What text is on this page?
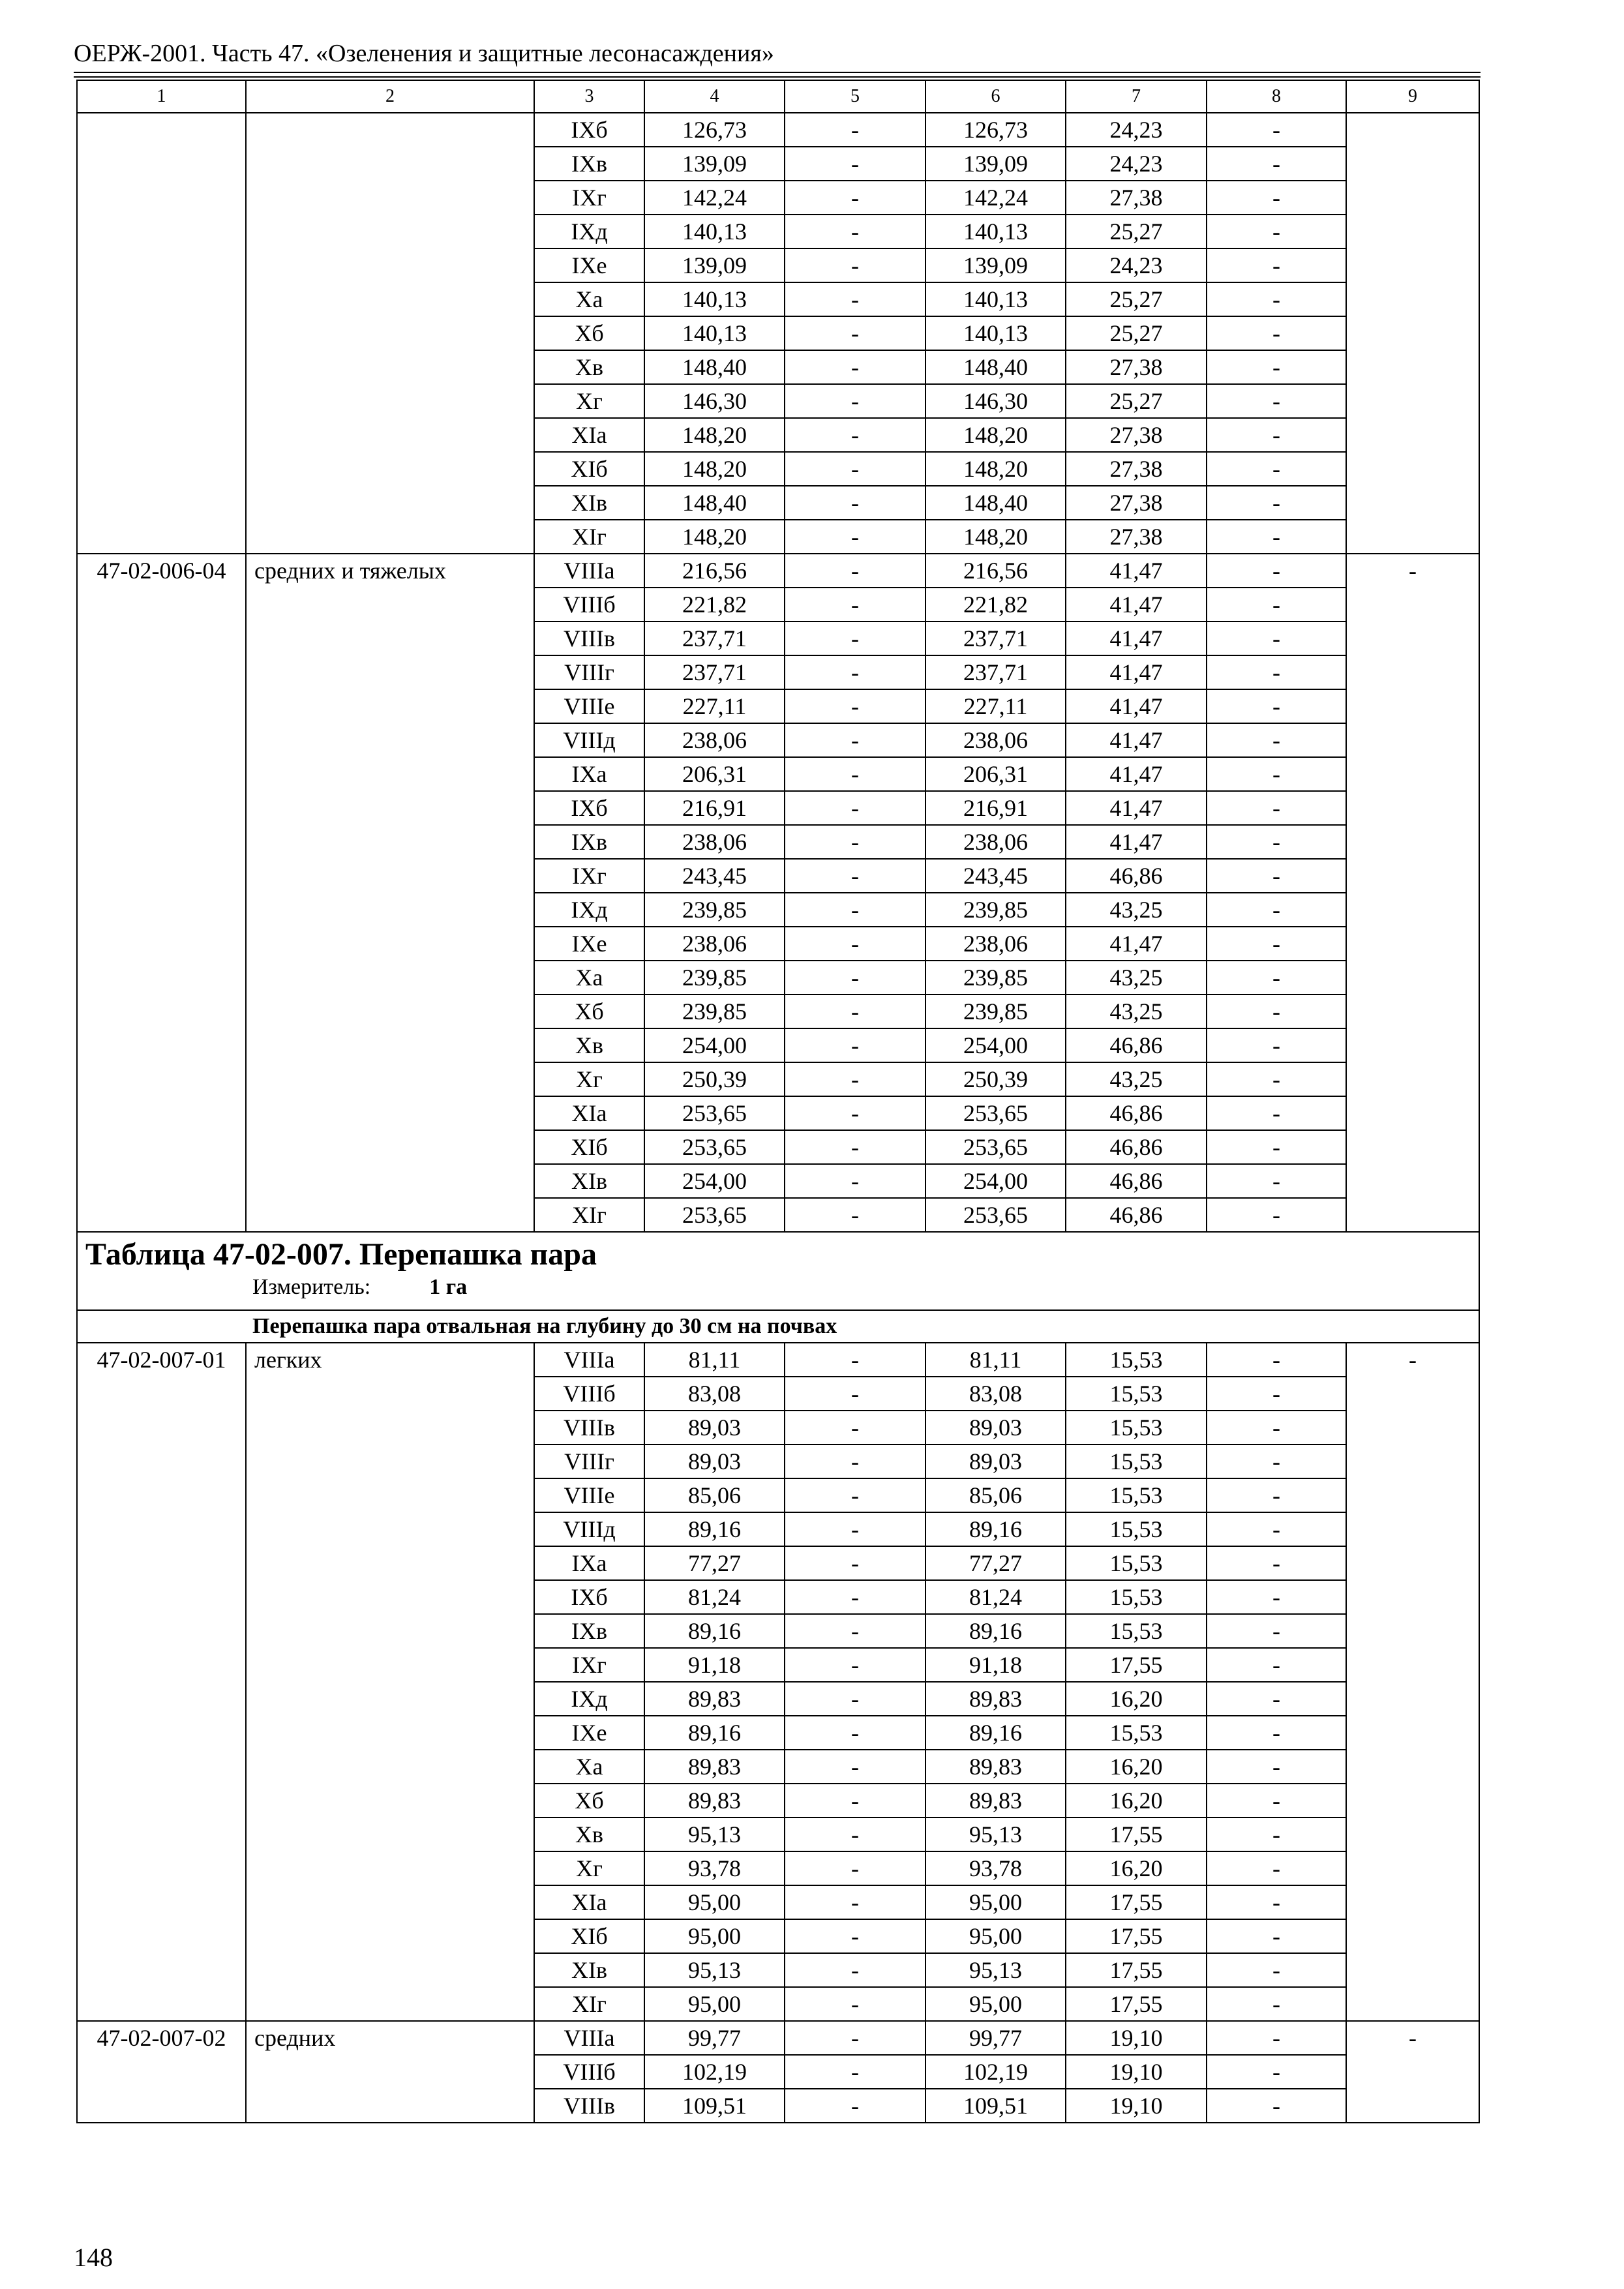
ОЕРЖ-2001. Часть 47. «Озеленения и защитные лесонасаждения»
1	2	3	4	5	6	7	8	9
		IXб	126,73	-	126,73	24,23	-	
		IXв	139,09	-	139,09	24,23	-	
		IXг	142,24	-	142,24	27,38	-	
		IXд	140,13	-	140,13	25,27	-	
		IXе	139,09	-	139,09	24,23	-	
		Xа	140,13	-	140,13	25,27	-	
		Xб	140,13	-	140,13	25,27	-	
		Xв	148,40	-	148,40	27,38	-	
		Xг	146,30	-	146,30	25,27	-	
		XIа	148,20	-	148,20	27,38	-	
		XIб	148,20	-	148,20	27,38	-	
		XIв	148,40	-	148,40	27,38	-	
		XIг	148,20	-	148,20	27,38	-	
47-02-006-04	средних и тяжелых	VIIIа	216,56	-	216,56	41,47	-	-
		VIIIб	221,82	-	221,82	41,47	-	
		VIIIв	237,71	-	237,71	41,47	-	
		VIIIг	237,71	-	237,71	41,47	-	
		VIIIе	227,11	-	227,11	41,47	-	
		VIIIд	238,06	-	238,06	41,47	-	
		IXа	206,31	-	206,31	41,47	-	
		IXб	216,91	-	216,91	41,47	-	
		IXв	238,06	-	238,06	41,47	-	
		IXг	243,45	-	243,45	46,86	-	
		IXд	239,85	-	239,85	43,25	-	
		IXе	238,06	-	238,06	41,47	-	
		Xа	239,85	-	239,85	43,25	-	
		Xб	239,85	-	239,85	43,25	-	
		Xв	254,00	-	254,00	46,86	-	
		Xг	250,39	-	250,39	43,25	-	
		XIа	253,65	-	253,65	46,86	-	
		XIб	253,65	-	253,65	46,86	-	
		XIв	254,00	-	254,00	46,86	-	
		XIг	253,65	-	253,65	46,86	-	

Таблица 47-02-007. Перепашка пара
Измеритель: 1 га								

Перепашка пара отвальная на глубину до 30 см на почвах								
47-02-007-01	легких	VIIIа	81,11	-	81,11	15,53	-	-
		VIIIб	83,08	-	83,08	15,53	-	
		VIIIв	89,03	-	89,03	15,53	-	
		VIIIг	89,03	-	89,03	15,53	-	
		VIIIе	85,06	-	85,06	15,53	-	
		VIIIд	89,16	-	89,16	15,53	-	
		IXа	77,27	-	77,27	15,53	-	
		IXб	81,24	-	81,24	15,53	-	
		IXв	89,16	-	89,16	15,53	-	
		IXг	91,18	-	91,18	17,55	-	
		IXд	89,83	-	89,83	16,20	-	
		IXе	89,16	-	89,16	15,53	-	
		Xа	89,83	-	89,83	16,20	-	
		Xб	89,83	-	89,83	16,20	-	
		Xв	95,13	-	95,13	17,55	-	
		Xг	93,78	-	93,78	16,20	-	
		XIа	95,00	-	95,00	17,55	-	
		XIб	95,00	-	95,00	17,55	-	
		XIв	95,13	-	95,13	17,55	-	
		XIг	95,00	-	95,00	17,55	-	
47-02-007-02	средних	VIIIа	99,77	-	99,77	19,10	-	-
		VIIIб	102,19	-	102,19	19,10	-	
		VIIIв	109,51	-	109,51	19,10	-	
148
